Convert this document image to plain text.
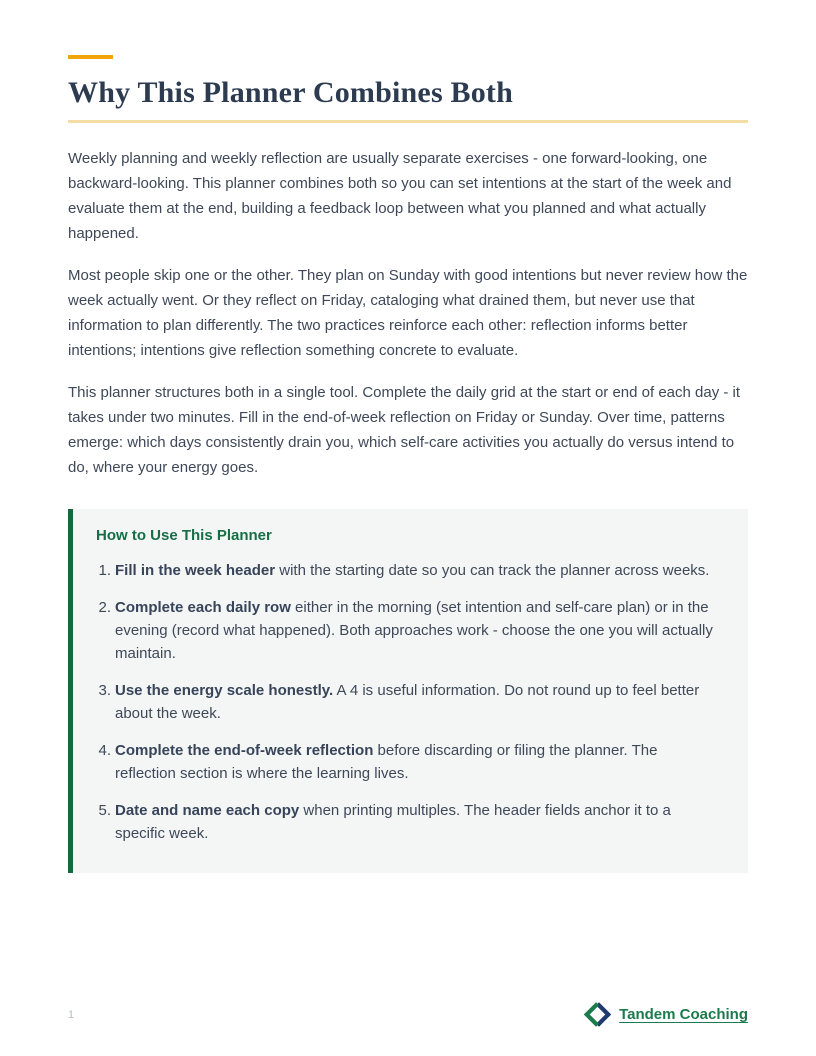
Why This Planner Combines Both

Weekly planning and weekly reflection are usually separate exercises - one forward-looking, one backward-looking. This planner combines both so you can set intentions at the start of the week and evaluate them at the end, building a feedback loop between what you planned and what actually happened.

Most people skip one or the other. They plan on Sunday with good intentions but never review how the week actually went. Or they reflect on Friday, cataloging what drained them, but never use that information to plan differently. The two practices reinforce each other: reflection informs better intentions; intentions give reflection something concrete to evaluate.

This planner structures both in a single tool. Complete the daily grid at the start or end of each day - it takes under two minutes. Fill in the end-of-week reflection on Friday or Sunday. Over time, patterns emerge: which days consistently drain you, which self-care activities you actually do versus intend to do, where your energy goes.

How to Use This Planner
1. Fill in the week header with the starting date so you can track the planner across weeks.
2. Complete each daily row either in the morning (set intention and self-care plan) or in the evening (record what happened). Both approaches work - choose the one you will actually maintain.
3. Use the energy scale honestly. A 4 is useful information. Do not round up to feel better about the week.
4. Complete the end-of-week reflection before discarding or filing the planner. The reflection section is where the learning lives.
5. Date and name each copy when printing multiples. The header fields anchor it to a specific week.
1	Tandem Coaching
